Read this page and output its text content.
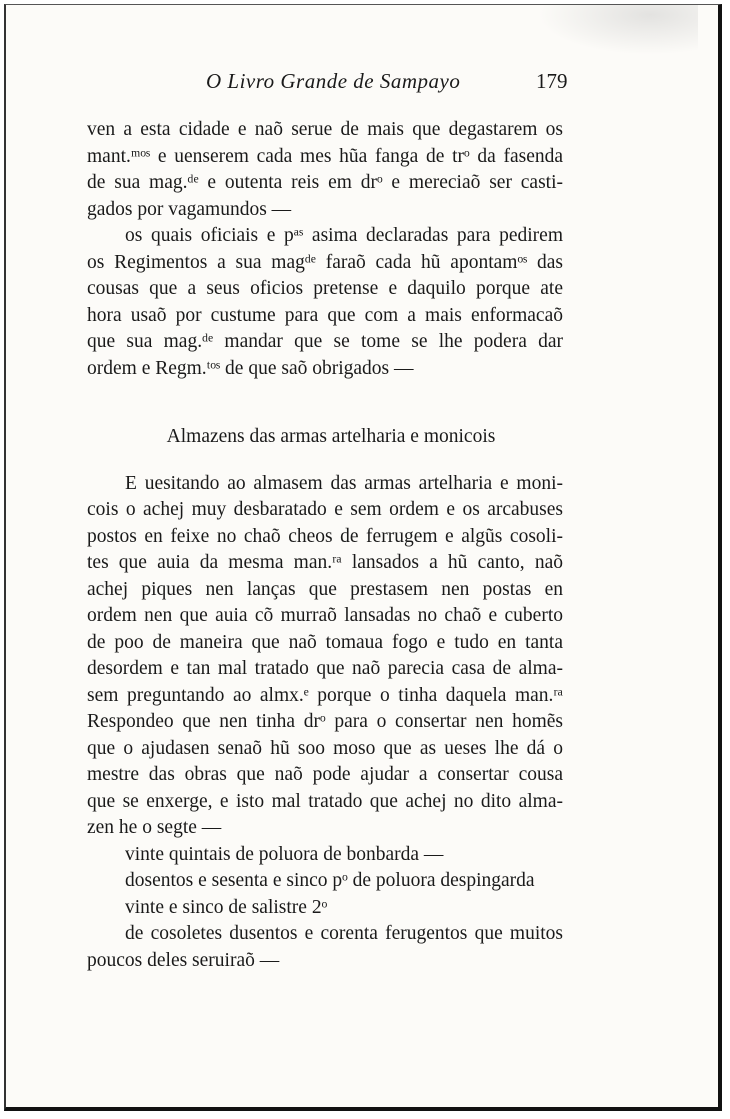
O Livro Grande de Sampayo	179
ven a esta cidade e naõ serue de mais que degastarem os
mant.ᵐᵒˢ e uenserem cada mes hũa fanga de trᵒ da fasenda
de sua mag.ᵈᵉ e outenta reis em drᵒ e mereciaõ ser casti-
gados por vagamundos —
os quais oficiais e pᵃˢ asima declaradas para pedirem
os Regimentos a sua magᵈᵉ faraõ cada hũ apontamᵒˢ das
cousas que a seus oficios pretense e daquilo porque ate
hora usaõ por custume para que com a mais enformacaõ
que sua mag.ᵈᵉ mandar que se tome se lhe podera dar
ordem e Regm.ᵗᵒˢ de que saõ obrigados —
Almazens das armas artelharia e monicois
E uesitando ao almasem das armas artelharia e moni-
cois o achej muy desbaratado e sem ordem e os arcabuses
postos en feixe no chaõ cheos de ferrugem e algũs cosoli-
tes que auia da mesma man.ʳᵃ lansados a hũ canto, naõ
achej piques nen lanças que prestasem nen postas en
ordem nen que auia cõ murraõ lansadas no chaõ e cuberto
de poo de maneira que naõ tomaua fogo e tudo en tanta
desordem e tan mal tratado que naõ parecia casa de alma-
sem preguntando ao almx.ᵉ porque o tinha daquela man.ʳᵃ
Respondeo que nen tinha drᵒ para o consertar nen homẽs
que o ajudasen senaõ hũ soo moso que as ueses lhe dá o
mestre das obras que naõ pode ajudar a consertar cousa
que se enxerge, e isto mal tratado que achej no dito alma-
zen he o segte —
vinte quintais de poluora de bonbarda —
dosentos e sesenta e sinco pᵒ de poluora despingarda
vinte e sinco de salistre 2ᵒ
de cosoletes dusentos e corenta ferugentos que muitos
poucos deles seruiraõ —
